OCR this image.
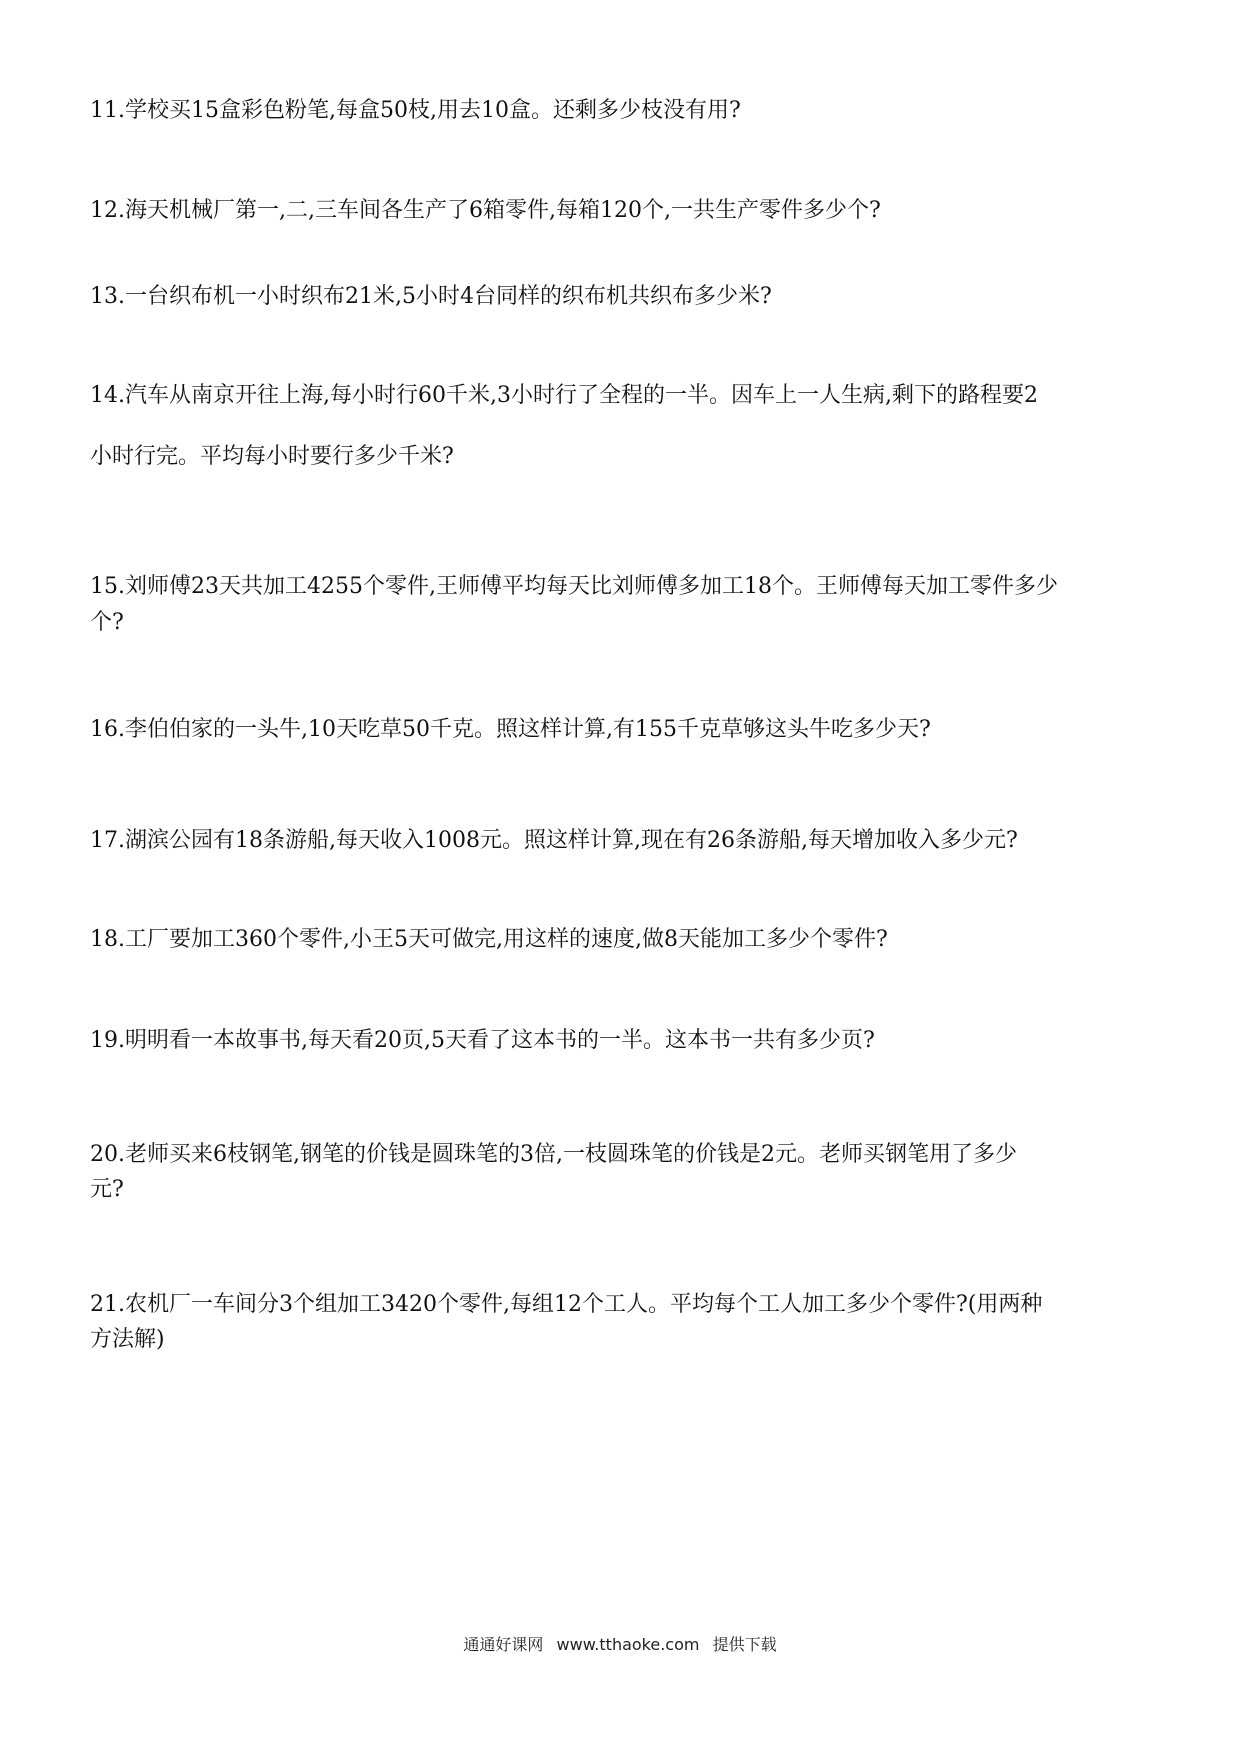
11.学校买15盒彩色粉笔,每盒50枝,用去10盒。还剩多少枝没有用?
12.海天机械厂第一,二,三车间各生产了6箱零件,每箱120个,一共生产零件多少个?
13.一台织布机一小时织布21米,5小时4台同样的织布机共织布多少米?
14.汽车从南京开往上海,每小时行60千米,3小时行了全程的一半。因车上一人生病,剩下的路程要2
小时行完。平均每小时要行多少千米?
15.刘师傅23天共加工4255个零件,王师傅平均每天比刘师傅多加工18个。王师傅每天加工零件多少
个?
16.李伯伯家的一头牛,10天吃草50千克。照这样计算,有155千克草够这头牛吃多少天?
17.湖滨公园有18条游船,每天收入1008元。照这样计算,现在有26条游船,每天增加收入多少元?
18.工厂要加工360个零件,小王5天可做完,用这样的速度,做8天能加工多少个零件?
19.明明看一本故事书,每天看20页,5天看了这本书的一半。这本书一共有多少页?
20.老师买来6枝钢笔,钢笔的价钱是圆珠笔的3倍,一枝圆珠笔的价钱是2元。老师买钢笔用了多少
元?
21.农机厂一车间分3个组加工3420个零件,每组12个工人。平均每个工人加工多少个零件?(用两种
方法解)
通通好课网 www.tthaoke.com 提供下载
